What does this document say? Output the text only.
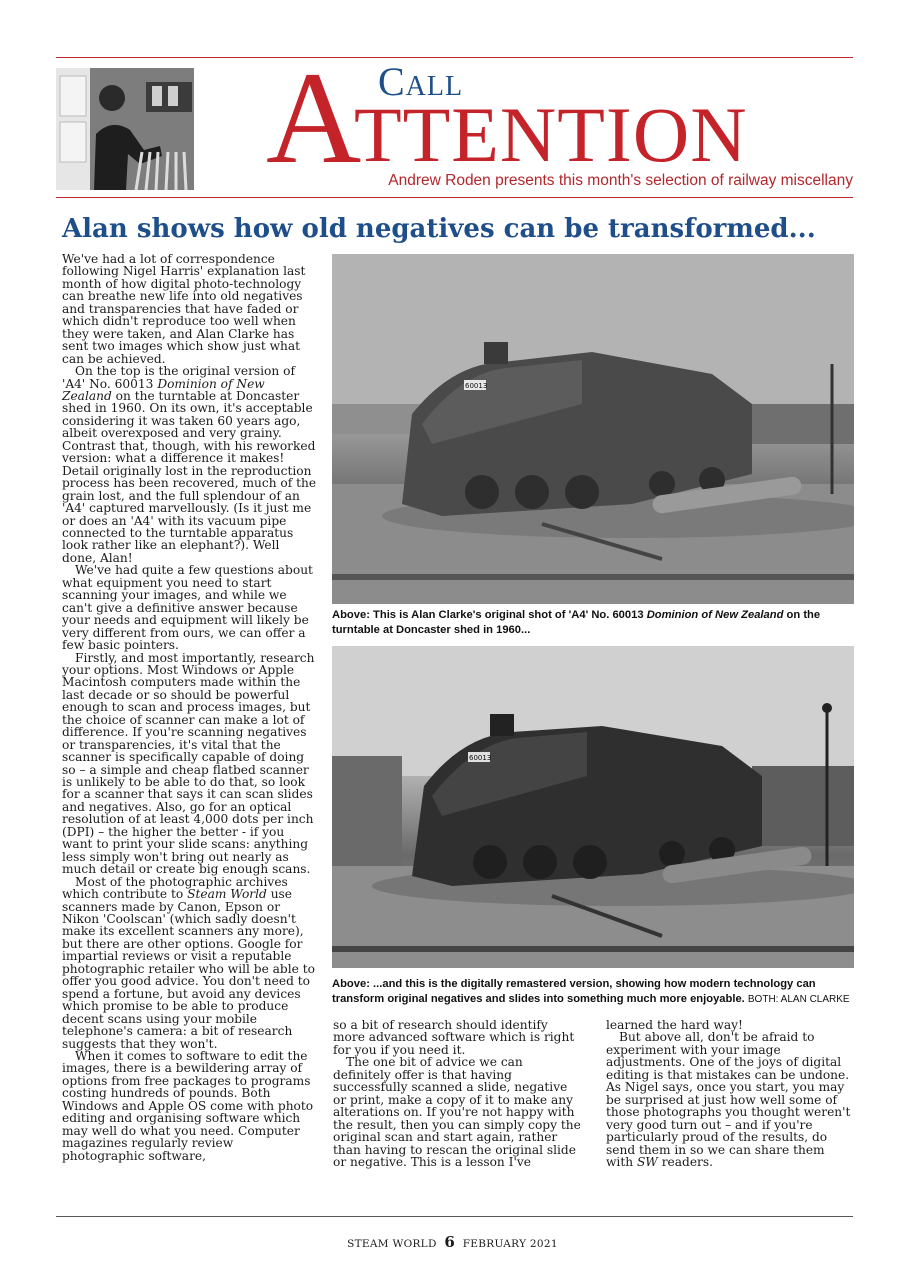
A Call
TTENTION
Andrew Roden presents this month's selection of railway miscellany
Alan shows how old negatives can be transformed...

We've had a lot of correspondence following Nigel Harris' explanation last month of how digital photo-technology can breathe new life into old negatives and transparencies that have faded or which didn't reproduce too well when they were taken, and Alan Clarke has sent two images which show just what can be achieved.

On the top is the original version of 'A4' No. 60013 Dominion of New Zealand on the turntable at Doncaster shed in 1960. On its own, it's acceptable considering it was taken 60 years ago, albeit overexposed and very grainy. Contrast that, though, with his reworked version: what a difference it makes! Detail originally lost in the reproduction process has been recovered, much of the grain lost, and the full splendour of an 'A4' captured marvellously. (Is it just me or does an 'A4' with its vacuum pipe connected to the turntable apparatus look rather like an elephant?). Well done, Alan!

We've had quite a few questions about what equipment you need to start scanning your images, and while we can't give a definitive answer because your needs and equipment will likely be very different from ours, we can offer a few basic pointers.

Firstly, and most importantly, research your options. Most Windows or Apple Macintosh computers made within the last decade or so should be powerful enough to scan and process images, but the choice of scanner can make a lot of difference. If you're scanning negatives or transparencies, it's vital that the scanner is specifically capable of doing so – a simple and cheap flatbed scanner is unlikely to be able to do that, so look for a scanner that says it can scan slides and negatives. Also, go for an optical resolution of at least 4,000 dots per inch (DPI) – the higher the better - if you want to print your slide scans: anything less simply won't bring out nearly as much detail or create big enough scans.

Most of the photographic archives which contribute to Steam World use scanners made by Canon, Epson or Nikon 'Coolscan' (which sadly doesn't make its excellent scanners any more), but there are other options. Google for impartial reviews or visit a reputable photographic retailer who will be able to offer you good advice. You don't need to spend a fortune, but avoid any devices which promise to be able to produce decent scans using your mobile telephone's camera: a bit of research suggests that they won't.

When it comes to software to edit the images, there is a bewildering array of options from free packages to programs costing hundreds of pounds. Both Windows and Apple OS come with photo editing and organising software which may well do what you need. Computer magazines regularly review photographic software,

60013
Above: This is Alan Clarke's original shot of 'A4' No. 60013 Dominion of New Zealand on the turntable at Doncaster shed in 1960...
60013
Above: ...and this is the digitally remastered version, showing how modern technology can transform original negatives and slides into something much more enjoyable. BOTH: ALAN CLARKE

so a bit of research should identify more advanced software which is right for you if you need it.

The one bit of advice we can definitely offer is that having successfully scanned a slide, negative or print, make a copy of it to make any alterations on. If you're not happy with the result, then you can simply copy the original scan and start again, rather than having to rescan the original slide or negative. This is a lesson I've

learned the hard way!

But above all, don't be afraid to experiment with your image adjustments. One of the joys of digital editing is that mistakes can be undone. As Nigel says, once you start, you may be surprised at just how well some of those photographs you thought weren't very good turn out – and if you're particularly proud of the results, do send them in so we can share them with SW readers.

STEAM WORLD 6 FEBRUARY 2021
